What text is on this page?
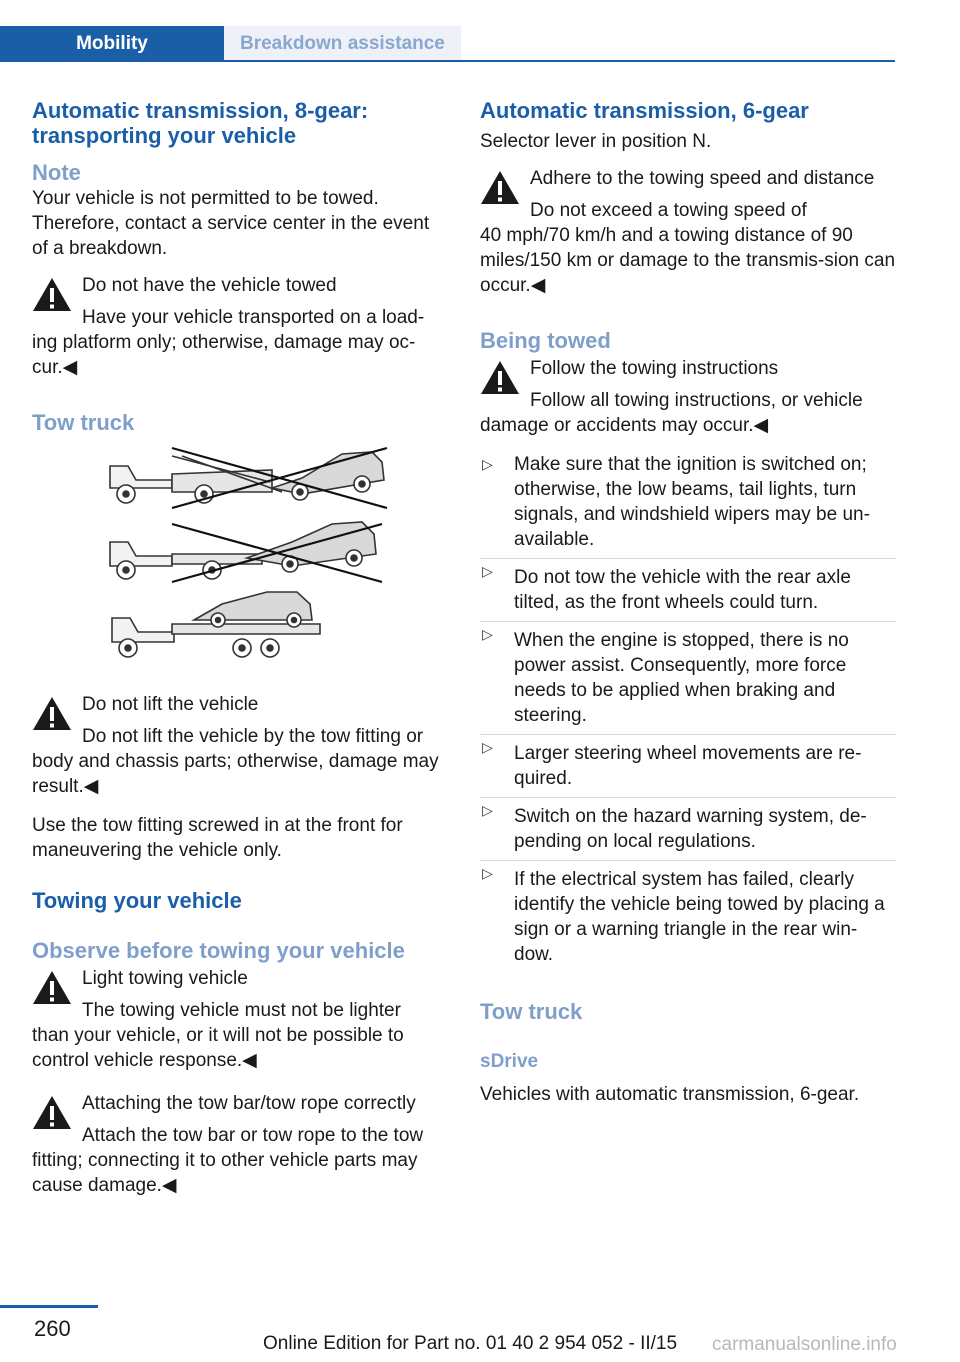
Mobility	Breakdown assistance
Automatic transmission, 8-gear: transporting your vehicle
Note

Your vehicle is not permitted to be towed. Therefore, contact a service center in the event of a breakdown.

Do not have the vehicle towed

Have your vehicle transported on a load-

ing platform only; otherwise, damage may oc-cur.◀

Tow truck

Do not lift the vehicle

Do not lift the vehicle by the tow fitting or

body and chassis parts; otherwise, damage may result.◀

Use the tow fitting screwed in at the front for maneuvering the vehicle only.

Towing your vehicle
Observe before towing your vehicle

Light towing vehicle

The towing vehicle must not be lighter

than your vehicle, or it will not be possible to control vehicle response.◀

Attaching the tow bar/tow rope correctly

Attach the tow bar or tow rope to the tow

fitting; connecting it to other vehicle parts may cause damage.◀

Automatic transmission, 6-gear

Selector lever in position N.

Adhere to the towing speed and distance

Do not exceed a towing speed of

40 mph/70 km/h and a towing distance of 90 miles/150 km or damage to the transmis-sion can occur.◀

Being towed

Follow the towing instructions

Follow all towing instructions, or vehicle

damage or accidents may occur.◀

▷ Make sure that the ignition is switched on; otherwise, the low beams, tail lights, turn signals, and windshield wipers may be un-available.
▷ Do not tow the vehicle with the rear axle tilted, as the front wheels could turn.
▷ When the engine is stopped, there is no power assist. Consequently, more force needs to be applied when braking and steering.
▷ Larger steering wheel movements are re-quired.
▷ Switch on the hazard warning system, de-pending on local regulations.
▷ If the electrical system has failed, clearly identify the vehicle being towed by placing a sign or a warning triangle in the rear win-dow.
Tow truck
sDrive

Vehicles with automatic transmission, 6-gear.

260
Online Edition for Part no. 01 40 2 954 052 - II/15 carmanualsonline.info
